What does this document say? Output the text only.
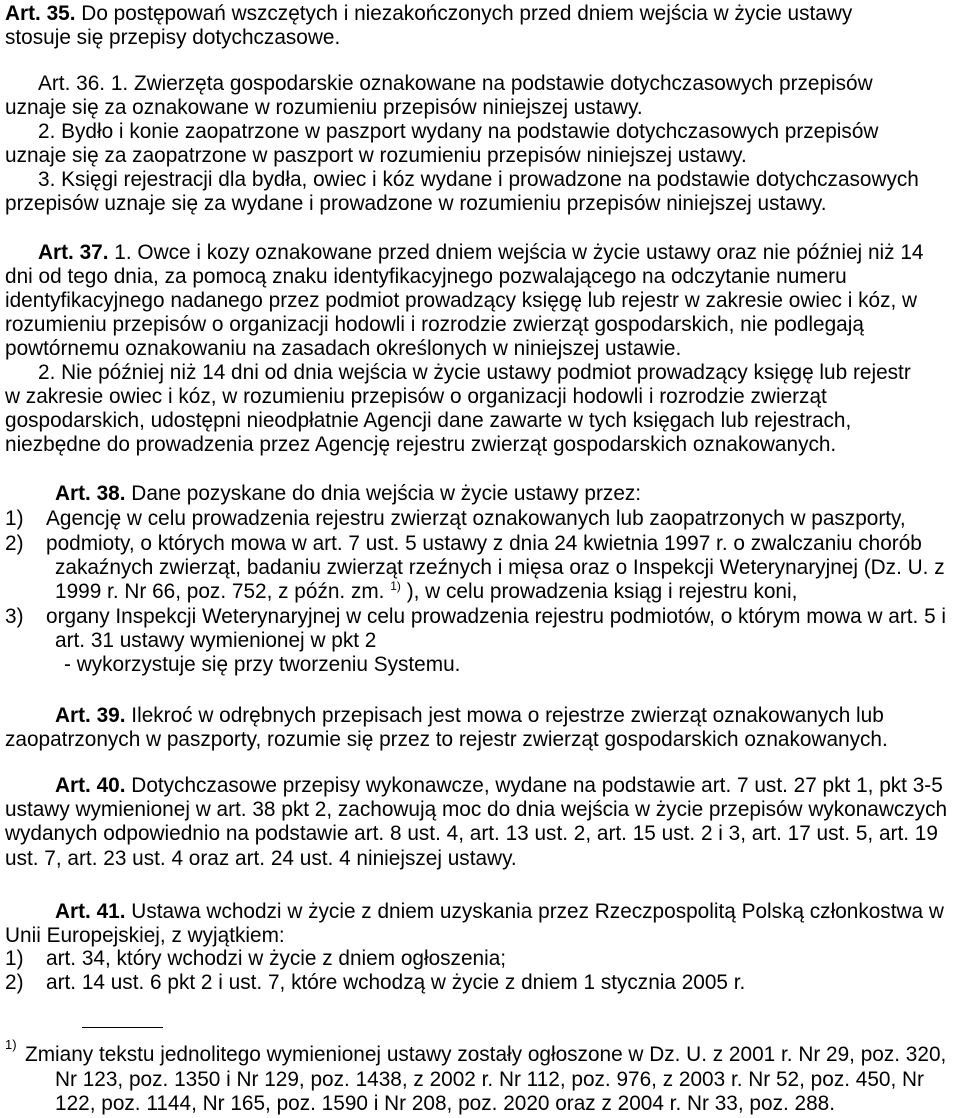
Art. 35. Do postępowań wszczętych i niezakończonych przed dniem wejścia w życie ustawy
stosuje się przepisy dotychczasowe.
Art. 36. 1. Zwierzęta gospodarskie oznakowane na podstawie dotychczasowych przepisów
uznaje się za oznakowane w rozumieniu przepisów niniejszej ustawy.
2. Bydło i konie zaopatrzone w paszport wydany na podstawie dotychczasowych przepisów
uznaje się za zaopatrzone w paszport w rozumieniu przepisów niniejszej ustawy.
3. Księgi rejestracji dla bydła, owiec i kóz wydane i prowadzone na podstawie dotychczasowych
przepisów uznaje się za wydane i prowadzone w rozumieniu przepisów niniejszej ustawy.
Art. 37. 1. Owce i kozy oznakowane przed dniem wejścia w życie ustawy oraz nie później niż 14
dni od tego dnia, za pomocą znaku identyfikacyjnego pozwalającego na odczytanie numeru
identyfikacyjnego nadanego przez podmiot prowadzący księgę lub rejestr w zakresie owiec i kóz, w
rozumieniu przepisów o organizacji hodowli i rozrodzie zwierząt gospodarskich, nie podlegają
powtórnemu oznakowaniu na zasadach określonych w niniejszej ustawie.
2. Nie później niż 14 dni od dnia wejścia w życie ustawy podmiot prowadzący księgę lub rejestr
w zakresie owiec i kóz, w rozumieniu przepisów o organizacji hodowli i rozrodzie zwierząt
gospodarskich, udostępni nieodpłatnie Agencji dane zawarte w tych księgach lub rejestrach,
niezbędne do prowadzenia przez Agencję rejestru zwierząt gospodarskich oznakowanych.
Art. 38. Dane pozyskane do dnia wejścia w życie ustawy przez:
1) Agencję w celu prowadzenia rejestru zwierząt oznakowanych lub zaopatrzonych w paszporty,
2) podmioty, o których mowa w art. 7 ust. 5 ustawy z dnia 24 kwietnia 1997 r. o zwalczaniu chorób
zakaźnych zwierząt, badaniu zwierząt rzeźnych i mięsa oraz o Inspekcji Weterynaryjnej (Dz. U. z
1999 r. Nr 66, poz. 752, z późn. zm. $^{1)}$ ), w celu prowadzenia ksiąg i rejestru koni,
3) organy Inspekcji Weterynaryjnej w celu prowadzenia rejestru podmiotów, o którym mowa w art. 5 i
art. 31 ustawy wymienionej w pkt 2
- wykorzystuje się przy tworzeniu Systemu.
Art. 39. Ilekroć w odrębnych przepisach jest mowa o rejestrze zwierząt oznakowanych lub
zaopatrzonych w paszporty, rozumie się przez to rejestr zwierząt gospodarskich oznakowanych.
Art. 40. Dotychczasowe przepisy wykonawcze, wydane na podstawie art. 7 ust. 27 pkt 1, pkt 3-5
ustawy wymienionej w art. 38 pkt 2, zachowują moc do dnia wejścia w życie przepisów wykonawczych
wydanych odpowiednio na podstawie art. 8 ust. 4, art. 13 ust. 2, art. 15 ust. 2 i 3, art. 17 ust. 5, art. 19
ust. 7, art. 23 ust. 4 oraz art. 24 ust. 4 niniejszej ustawy.
Art. 41. Ustawa wchodzi w życie z dniem uzyskania przez Rzeczpospolitą Polską członkostwa w
Unii Europejskiej, z wyjątkiem:
1) art. 34, który wchodzi w życie z dniem ogłoszenia;
2) art. 14 ust. 6 pkt 2 i ust. 7, które wchodzą w życie z dniem 1 stycznia 2005 r.
1) Zmiany tekstu jednolitego wymienionej ustawy zostały ogłoszone w Dz. U. z 2001 r. Nr 29, poz. 320,
Nr 123, poz. 1350 i Nr 129, poz. 1438, z 2002 r. Nr 112, poz. 976, z 2003 r. Nr 52, poz. 450, Nr
122, poz. 1144, Nr 165, poz. 1590 i Nr 208, poz. 2020 oraz z 2004 r. Nr 33, poz. 288.
